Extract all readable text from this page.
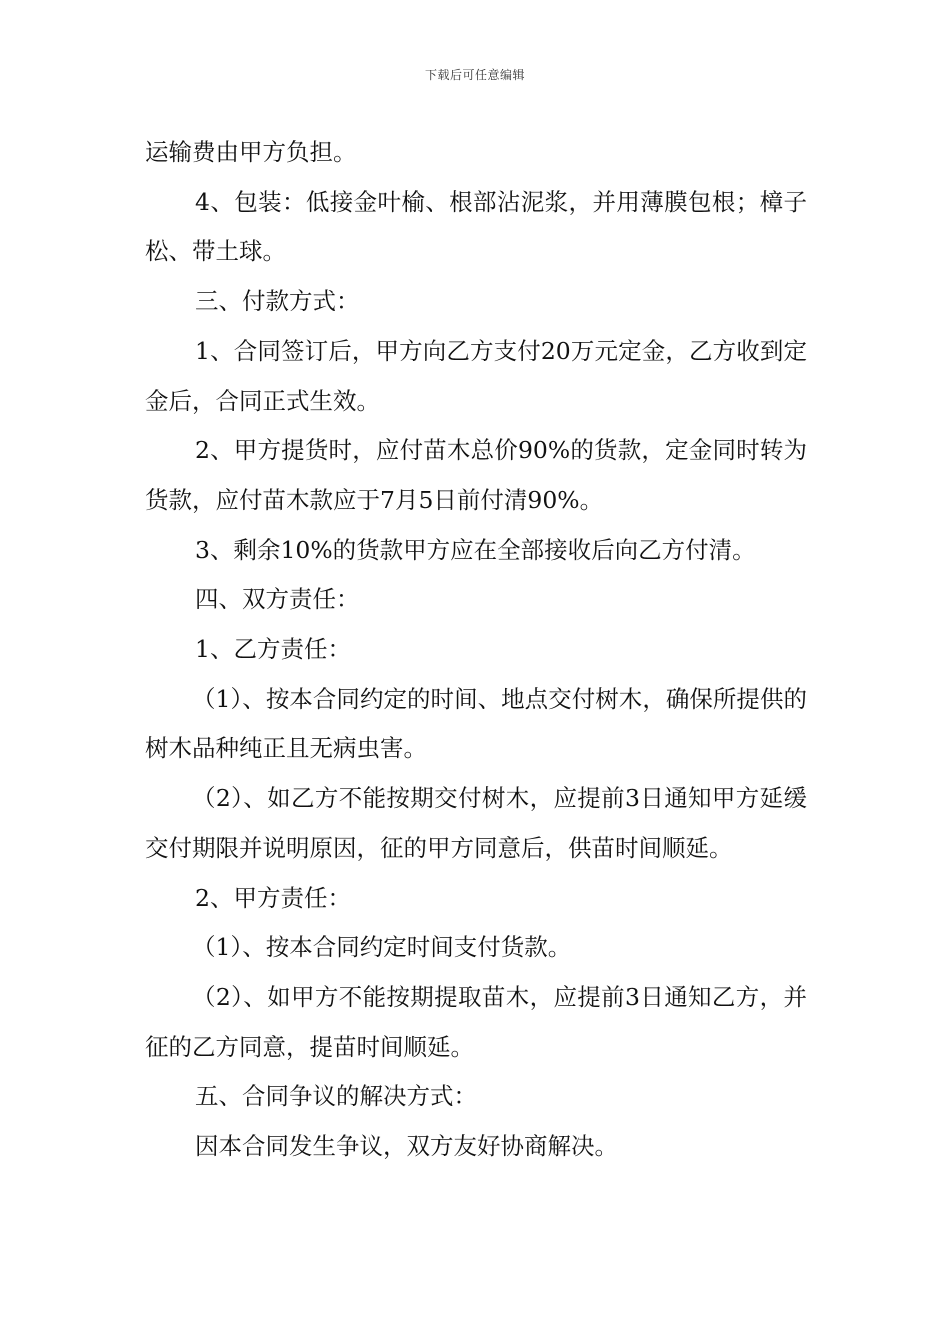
下载后可任意编辑

运输费由甲方负担。

4、包装：低接金叶榆、根部沾泥浆，并用薄膜包根；樟子松、带土球。

三、付款方式：

1、合同签订后，甲方向乙方支付20万元定金，乙方收到定金后，合同正式生效。

2、甲方提货时，应付苗木总价90%的货款，定金同时转为货款，应付苗木款应于7月5日前付清90%。

3、剩余10%的货款甲方应在全部接收后向乙方付清。

四、双方责任：

1、乙方责任：

（1）、按本合同约定的时间、地点交付树木，确保所提供的树木品种纯正且无病虫害。

（2）、如乙方不能按期交付树木，应提前3日通知甲方延缓交付期限并说明原因，征的甲方同意后，供苗时间顺延。

2、甲方责任：

（1）、按本合同约定时间支付货款。

（2）、如甲方不能按期提取苗木，应提前3日通知乙方，并征的乙方同意，提苗时间顺延。

五、合同争议的解决方式：

因本合同发生争议，双方友好协商解决。
